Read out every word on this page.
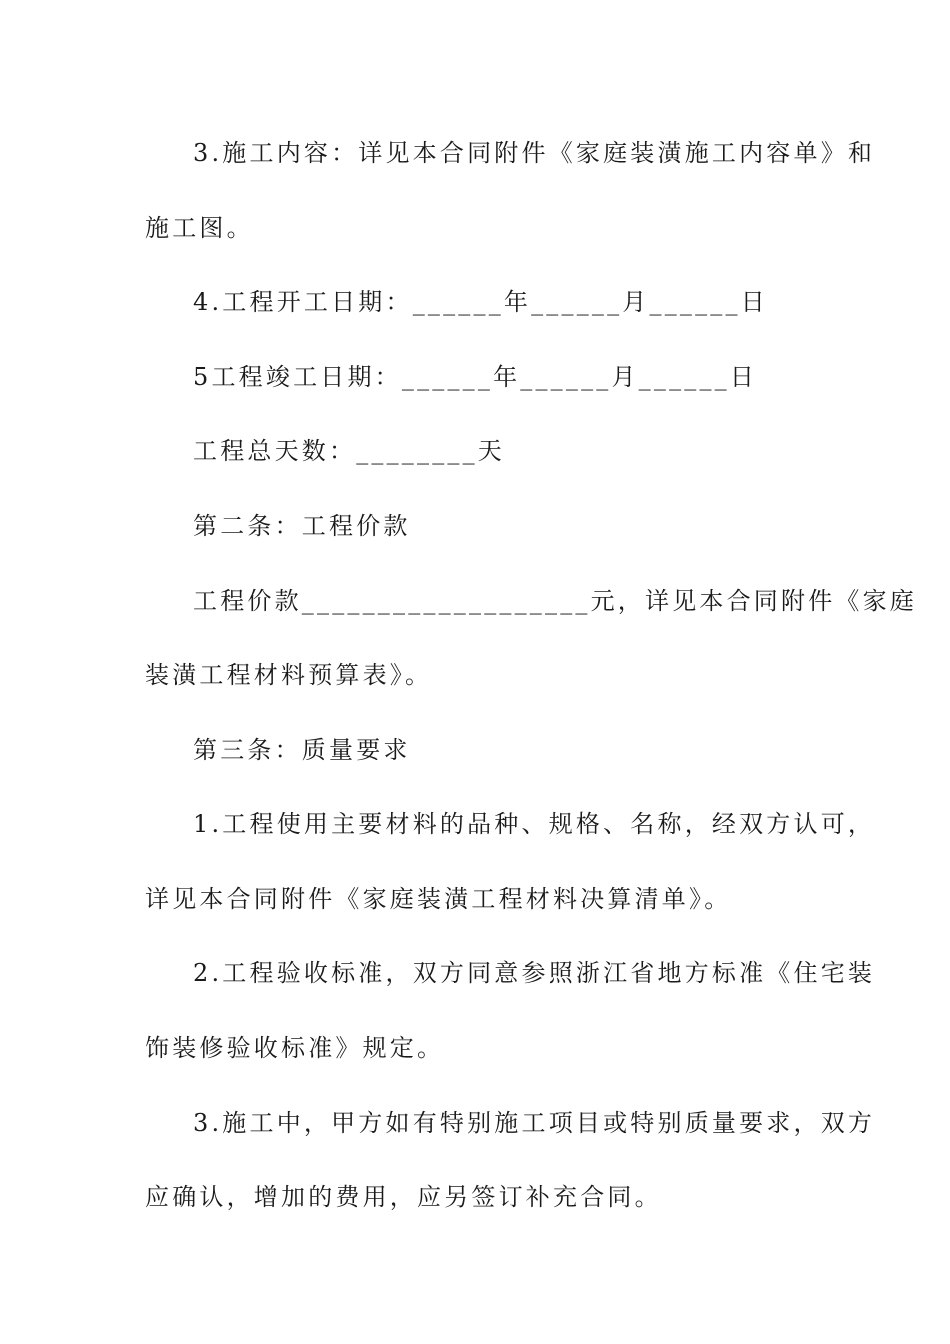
3.施工内容：详见本合同附件《家庭装潢施工内容单》和
施工图。
4.工程开工日期：______年______月______日
5工程竣工日期：______年______月______日
工程总天数：________天
第二条：工程价款
工程价款___________________元，详见本合同附件《家庭
装潢工程材料预算表》。
第三条：质量要求
1.工程使用主要材料的品种、规格、名称，经双方认可，
详见本合同附件《家庭装潢工程材料决算清单》。
2.工程验收标准，双方同意参照浙江省地方标准《住宅装
饰装修验收标准》规定。
3.施工中，甲方如有特别施工项目或特别质量要求，双方
应确认，增加的费用，应另签订补充合同。
